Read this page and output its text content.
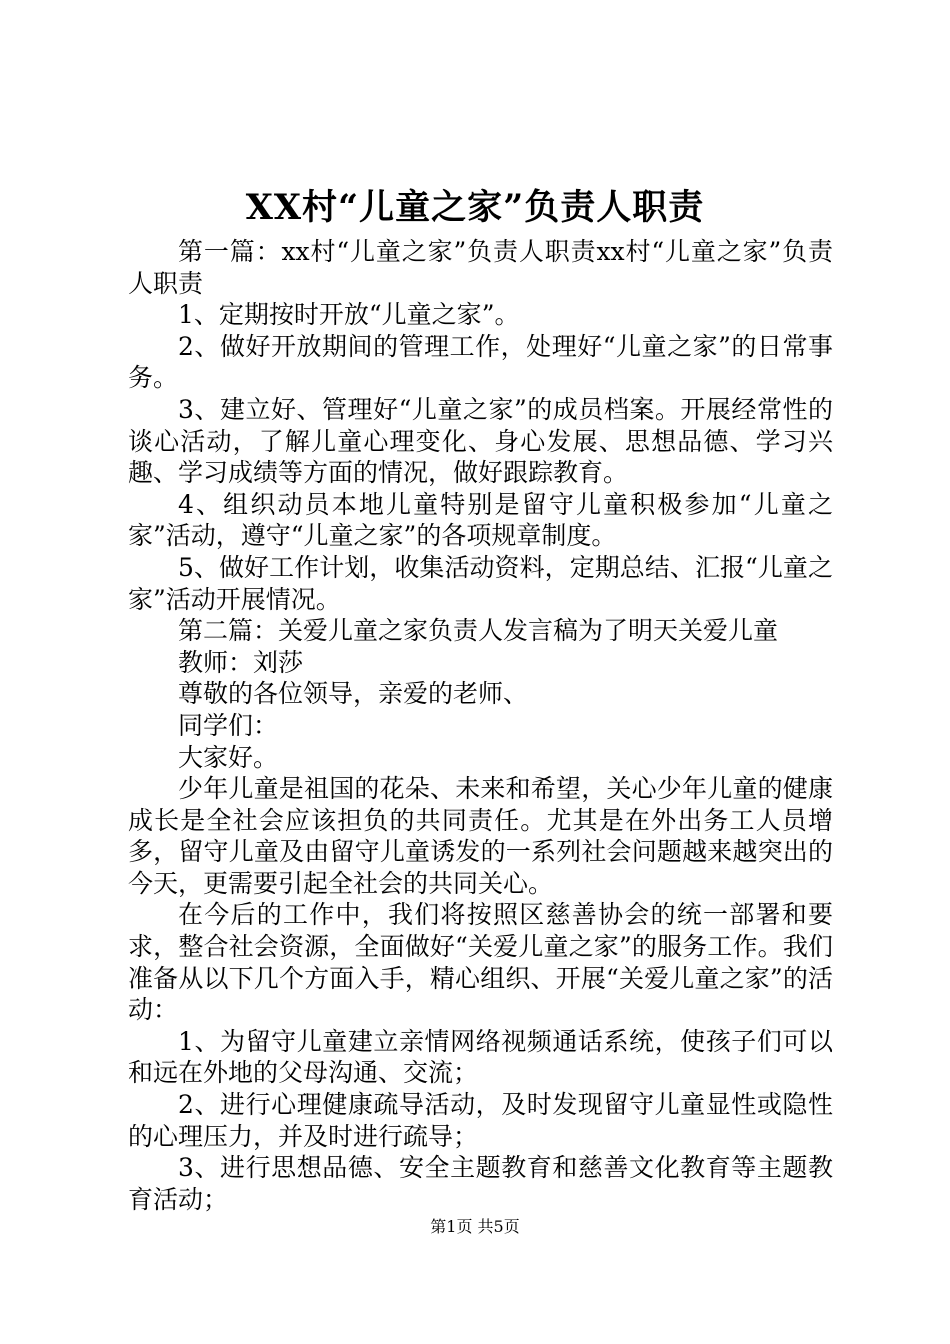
XX村“儿童之家”负责人职责

第一篇：xx村“儿童之家”负责人职责xx村“儿童之家”负责人职责

1、定期按时开放“儿童之家”。

2、做好开放期间的管理工作，处理好“儿童之家”的日常事务。

3、建立好、管理好“儿童之家”的成员档案。开展经常性的谈心活动，了解儿童心理变化、身心发展、思想品德、学习兴趣、学习成绩等方面的情况，做好跟踪教育。

4、组织动员本地儿童特别是留守儿童积极参加“儿童之家”活动，遵守“儿童之家”的各项规章制度。

5、做好工作计划，收集活动资料，定期总结、汇报“儿童之家”活动开展情况。

第二篇：关爱儿童之家负责人发言稿为了明天关爱儿童

教师：刘莎

尊敬的各位领导，亲爱的老师、

同学们：

大家好。

少年儿童是祖国的花朵、未来和希望，关心少年儿童的健康成长是全社会应该担负的共同责任。尤其是在外出务工人员增多，留守儿童及由留守儿童诱发的一系列社会问题越来越突出的今天，更需要引起全社会的共同关心。

在今后的工作中，我们将按照区慈善协会的统一部署和要求，整合社会资源，全面做好“关爱儿童之家”的服务工作。我们准备从以下几个方面入手，精心组织、开展“关爱儿童之家”的活动：

1、为留守儿童建立亲情网络视频通话系统，使孩子们可以和远在外地的父母沟通、交流；

2、进行心理健康疏导活动，及时发现留守儿童显性或隐性的心理压力，并及时进行疏导；

3、进行思想品德、安全主题教育和慈善文化教育等主题教育活动；

第1页 共5页
